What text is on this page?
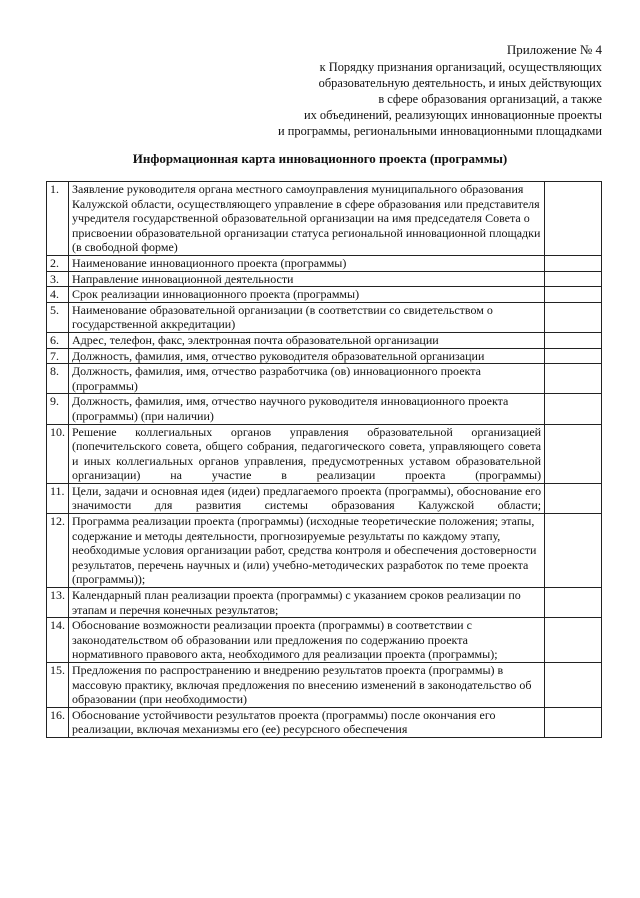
Приложение № 4
к Порядку признания организаций, осуществляющих
образовательную деятельность, и иных действующих
в сфере образования организаций, а также
их объединений, реализующих инновационные проекты
и программы, региональными инновационными площадками
Информационная карта инновационного проекта (программы)
1.	Заявление руководителя органа местного самоуправления муниципального образования Калужской области, осуществляющего управление в сфере образования или представителя учредителя государственной образовательной организации на имя председателя Совета о присвоении образовательной организации статуса региональной инновационной площадки (в свободной форме)	
2.	Наименование инновационного проекта (программы)	
3.	Направление инновационной деятельности	
4.	Срок реализации инновационного проекта (программы)	
5.	Наименование образовательной организации (в соответствии со свидетельством о государственной аккредитации)	
6.	Адрес, телефон, факс, электронная почта образовательной организации	
7.	Должность, фамилия, имя, отчество руководителя образовательной организации	
8.	Должность, фамилия, имя, отчество разработчика (ов) инновационного проекта (программы)	
9.	Должность, фамилия, имя, отчество научного руководителя инновационного проекта (программы) (при наличии)	
10.	Решение коллегиальных органов управления образовательной организацией (попечительского совета, общего собрания, педагогического совета, управляющего совета и иных коллегиальных органов управления, предусмотренных уставом образовательной организации) на участие в реализации проекта (программы)	
11.	Цели, задачи и основная идея (идеи) предлагаемого проекта (программы), обоснование его значимости для развития системы образования Калужской области;	
12.	Программа реализации проекта (программы) (исходные теоретические положения; этапы, содержание и методы деятельности, прогнозируемые результаты по каждому этапу, необходимые условия организации работ, средства контроля и обеспечения достоверности результатов, перечень научных и (или) учебно-методических разработок по теме проекта (программы));	
13.	Календарный план реализации проекта (программы) с указанием сроков реализации по этапам и перечня конечных результатов;	
14.	Обоснование возможности реализации проекта (программы) в соответствии с законодательством об образовании или предложения по содержанию проекта нормативного правового акта, необходимого для реализации проекта (программы);	
15.	Предложения по распространению и внедрению результатов проекта (программы) в массовую практику, включая предложения по внесению изменений в законодательство об образовании (при необходимости)	
16.	Обоснование устойчивости результатов проекта (программы) после окончания его реализации, включая механизмы его (ее) ресурсного обеспечения	
